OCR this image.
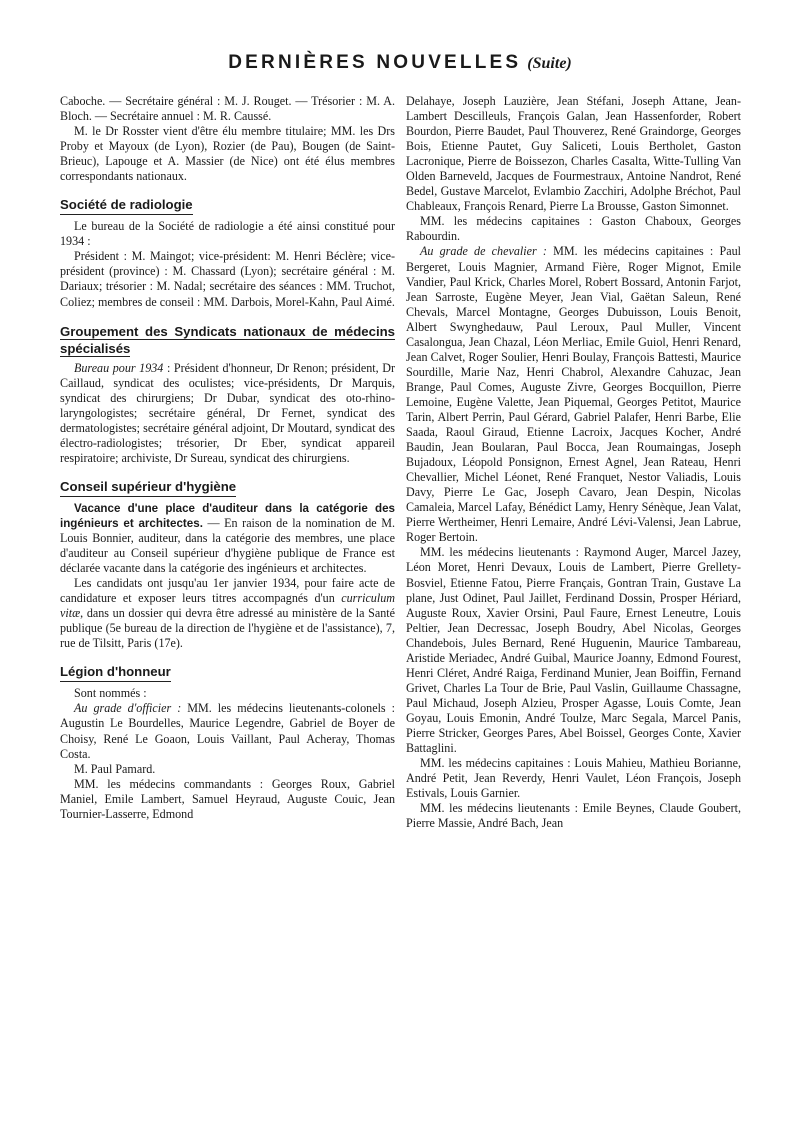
DERNIÈRES NOUVELLES (Suite)

Caboche. — Secrétaire général : M. J. Rouget. — Trésorier : M. A. Bloch. — Secrétaire annuel : M. R. Caussé.

M. le Dr Rosster vient d'être élu membre titulaire; MM. les Drs Proby et Mayoux (de Lyon), Rozier (de Pau), Bougen (de Saint-Brieuc), Lapouge et A. Massier (de Nice) ont été élus membres correspondants nationaux.

Société de radiologie

Le bureau de la Société de radiologie a été ainsi constitué pour 1934 :

Président : M. Maingot; vice-président: M. Henri Béclère; vice-président (province) : M. Chassard (Lyon); secrétaire général : M. Dariaux; trésorier : M. Nadal; secrétaire des séances : MM. Truchot, Coliez; membres de conseil : MM. Darbois, Morel-Kahn, Paul Aimé.

Groupement des Syndicats nationaux de médecins spécialisés

Bureau pour 1934 : Président d'honneur, Dr Renon; président, Dr Caillaud, syndicat des oculistes; vice-présidents, Dr Marquis, syndicat des chirurgiens; Dr Dubar, syndicat des oto-rhino-laryngologistes; secrétaire général, Dr Fernet, syndicat des dermatologistes; secrétaire général adjoint, Dr Moutard, syndicat des électro-radiologistes; trésorier, Dr Eber, syndicat appareil respiratoire; archiviste, Dr Sureau, syndicat des chirurgiens.

Conseil supérieur d'hygiène

Vacance d'une place d'auditeur dans la catégorie des ingénieurs et architectes. — En raison de la nomination de M. Louis Bonnier, auditeur, dans la catégorie des membres, une place d'auditeur au Conseil supérieur d'hygiène publique de France est déclarée vacante dans la catégorie des ingénieurs et architectes.

Les candidats ont jusqu'au 1er janvier 1934, pour faire acte de candidature et exposer leurs titres accompagnés d'un curriculum vitæ, dans un dossier qui devra être adressé au ministère de la Santé publique (5e bureau de la direction de l'hygiène et de l'assistance), 7, rue de Tilsitt, Paris (17e).

Légion d'honneur

Sont nommés :

Au grade d'officier : MM. les médecins lieutenants-colonels : Augustin Le Bourdelles, Maurice Legendre, Gabriel de Boyer de Choisy, René Le Goaon, Louis Vaillant, Paul Acheray, Thomas Costa.

M. Paul Pamard.

MM. les médecins commandants : Georges Roux, Gabriel Maniel, Emile Lambert, Samuel Heyraud, Auguste Couic, Jean Tournier-Lasserre, Edmond

Delahaye, Joseph Lauzière, Jean Stéfani, Joseph Attane, Jean-Lambert Descilleuls, François Galan, Jean Hassenforder, Robert Bourdon, Pierre Baudet, Paul Thouverez, René Graindorge, Georges Bois, Etienne Pautet, Guy Saliceti, Louis Bertholet, Gaston Lacronique, Pierre de Boissezon, Charles Casalta, Witte-Tulling Van Olden Barneveld, Jacques de Fourmestraux, Antoine Nandrot, René Bedel, Gustave Marcelot, Evlambio Zacchiri, Adolphe Bréchot, Paul Chableaux, François Renard, Pierre La Brousse, Gaston Simonnet.

MM. les médecins capitaines : Gaston Chaboux, Georges Rabourdin.

Au grade de chevalier : MM. les médecins capitaines : Paul Bergeret, Louis Magnier, Armand Fière, Roger Mignot, Emile Vandier, Paul Krick, Charles Morel, Robert Bossard, Antonin Farjot, Jean Sarroste, Eugène Meyer, Jean Vial, Gaëtan Saleun, René Chevals, Marcel Montagne, Georges Dubuisson, Louis Benoit, Albert Swynghedauw, Paul Leroux, Paul Muller, Vincent Casalongua, Jean Chazal, Léon Merliac, Emile Guiol, Henri Renard, Jean Calvet, Roger Soulier, Henri Boulay, François Battesti, Maurice Sourdille, Marie Naz, Henri Chabrol, Alexandre Cahuzac, Jean Brange, Paul Comes, Auguste Zivre, Georges Bocquillon, Pierre Lemoine, Eugène Valette, Jean Piquemal, Georges Petitot, Maurice Tarin, Albert Perrin, Paul Gérard, Gabriel Palafer, Henri Barbe, Elie Saada, Raoul Giraud, Etienne Lacroix, Jacques Kocher, André Baudin, Jean Boularan, Paul Bocca, Jean Roumaingas, Joseph Bujadoux, Léopold Ponsignon, Ernest Agnel, Jean Rateau, Henri Chevallier, Michel Léonet, René Franquet, Nestor Valiadis, Louis Davy, Pierre Le Gac, Joseph Cavaro, Jean Despin, Nicolas Camaleia, Marcel Lafay, Bénédict Lamy, Henry Sénèque, Jean Valat, Pierre Wertheimer, Henri Lemaire, André Lévi-Valensi, Jean Labrue, Roger Bertoin.

MM. les médecins lieutenants : Raymond Auger, Marcel Jazey, Léon Moret, Henri Devaux, Louis de Lambert, Pierre Grellety-Bosviel, Etienne Fatou, Pierre Français, Gontran Train, Gustave La plane, Just Odinet, Paul Jaillet, Ferdinand Dossin, Prosper Hériard, Auguste Roux, Xavier Orsini, Paul Faure, Ernest Leneutre, Louis Peltier, Jean Decressac, Joseph Boudry, Abel Nicolas, Georges Chandebois, Jules Bernard, René Huguenin, Maurice Tambareau, Aristide Meriadec, André Guibal, Maurice Joanny, Edmond Fourest, Henri Cléret, André Raiga, Ferdinand Munier, Jean Boiffin, Fernand Grivet, Charles La Tour de Brie, Paul Vaslin, Guillaume Chassagne, Paul Michaud, Joseph Alzieu, Prosper Agasse, Louis Comte, Jean Goyau, Louis Emonin, André Toulze, Marc Segala, Marcel Panis, Pierre Stricker, Georges Pares, Abel Boissel, Georges Conte, Xavier Battaglini.

MM. les médecins capitaines : Louis Mahieu, Mathieu Borianne, André Petit, Jean Reverdy, Henri Vaulet, Léon François, Joseph Estivals, Louis Garnier.

MM. les médecins lieutenants : Emile Beynes, Claude Goubert, Pierre Massie, André Bach, Jean
